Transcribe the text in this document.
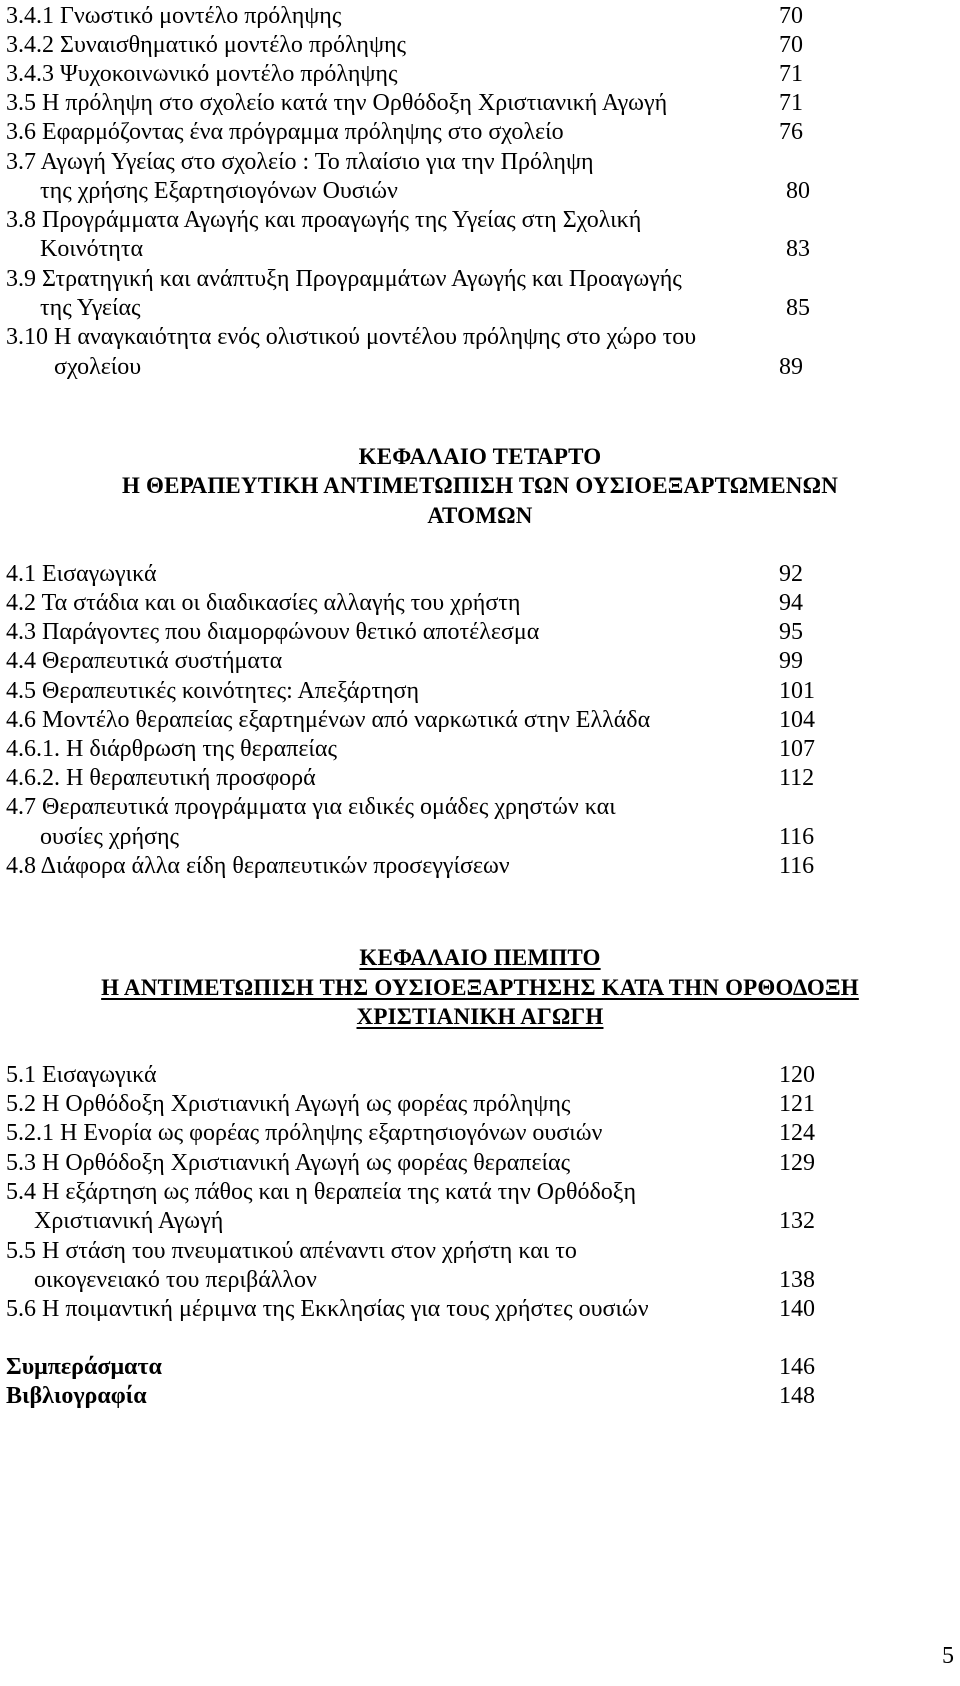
3.4.1 Γνωστικό μοντέλο πρόληψης	70
3.4.2 Συναισθηματικό μοντέλο πρόληψης	70
3.4.3 Ψυχοκοινωνικό μοντέλο πρόληψης	71
3.5 Η πρόληψη στο σχολείο κατά την Ορθόδοξη Χριστιανική Αγωγή	71
3.6 Εφαρμόζοντας ένα πρόγραμμα πρόληψης στο σχολείο	76
3.7 Αγωγή Υγείας στο σχολείο : Το πλαίσιο για την Πρόληψη
της χρήσης Εξαρτησιογόνων Ουσιών	80
3.8 Προγράμματα Αγωγής και προαγωγής της Υγείας στη Σχολική
Κοινότητα	83
3.9 Στρατηγική και ανάπτυξη Προγραμμάτων Αγωγής και Προαγωγής
της Υγείας	85
3.10 Η αναγκαιότητα ενός ολιστικού μοντέλου πρόληψης στο χώρο του
σχολείου	89
ΚΕΦΑΛΑΙΟ ΤΕΤΑΡΤΟ
Η ΘΕΡΑΠΕΥΤΙΚΗ ΑΝΤΙΜΕΤΩΠΙΣΗ ΤΩΝ ΟΥΣΙΟΕΞΑΡΤΩΜΕΝΩΝ
ΑΤΟΜΩΝ
4.1 Εισαγωγικά	92
4.2 Τα στάδια και οι διαδικασίες αλλαγής του χρήστη	94
4.3 Παράγοντες που διαμορφώνουν θετικό αποτέλεσμα	95
4.4 Θεραπευτικά συστήματα	99
4.5 Θεραπευτικές κοινότητες: Απεξάρτηση	101
4.6 Μοντέλο θεραπείας εξαρτημένων από ναρκωτικά στην Ελλάδα	104
4.6.1. Η διάρθρωση της θεραπείας	107
4.6.2. Η θεραπευτική προσφορά	112
4.7 Θεραπευτικά προγράμματα για ειδικές ομάδες χρηστών και
ουσίες χρήσης	116
4.8 Διάφορα άλλα είδη θεραπευτικών προσεγγίσεων	116
ΚΕΦΑΛΑΙΟ ΠΕΜΠΤΟ
Η ΑΝΤΙΜΕΤΩΠΙΣΗ ΤΗΣ ΟΥΣΙΟΕΞΑΡΤΗΣΗΣ ΚΑΤΑ ΤΗΝ ΟΡΘΟΔΟΞΗ
ΧΡΙΣΤΙΑΝΙΚΗ ΑΓΩΓΗ
5.1 Εισαγωγικά	120
5.2 Η Ορθόδοξη Χριστιανική Αγωγή ως φορέας πρόληψης	121
5.2.1 Η Ενορία ως φορέας πρόληψης εξαρτησιογόνων ουσιών	124
5.3 Η Ορθόδοξη Χριστιανική Αγωγή ως φορέας θεραπείας	129
5.4 Η εξάρτηση ως πάθος και η θεραπεία της κατά την Ορθόδοξη
Χριστιανική Αγωγή	132
5.5 Η στάση του πνευματικού απέναντι στον χρήστη και το
οικογενειακό του περιβάλλον	138
5.6 Η ποιμαντική μέριμνα της Εκκλησίας για τους χρήστες ουσιών	140
Συμπεράσματα	146
Βιβλιογραφία	148
5
